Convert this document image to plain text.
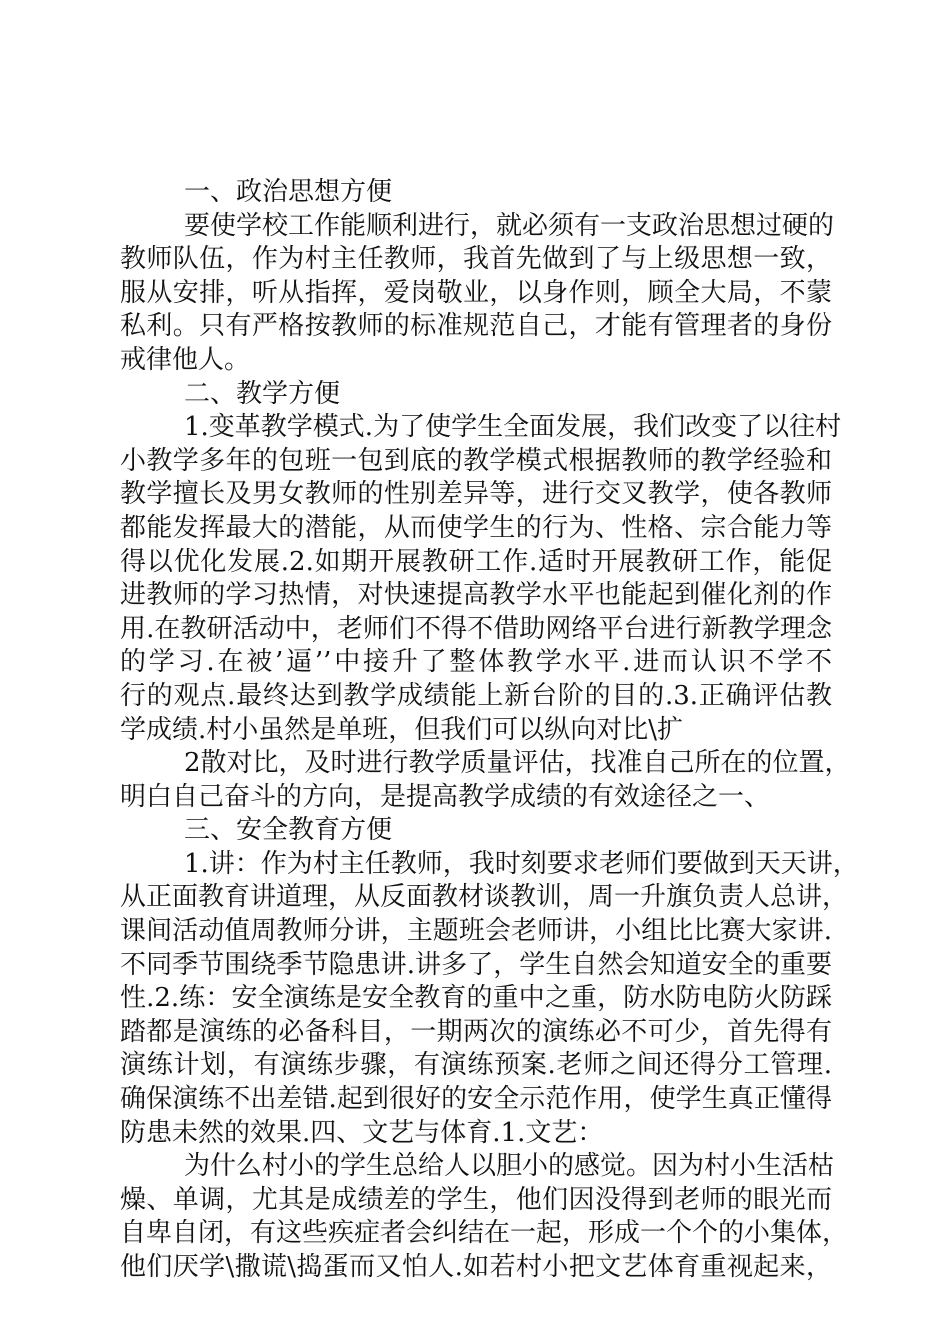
一、政治思想方便
要使学校工作能顺利进行，就必须有一支政治思想过硬的
教师队伍，作为村主任教师，我首先做到了与上级思想一致，
服从安排，听从指挥，爱岗敬业，以身作则，顾全大局，不蒙
私利。只有严格按教师的标准规范自己，才能有管理者的身份
戒律他人。
二、教学方便
1.变革教学模式.为了使学生全面发展，我们改变了以往村
小教学多年的包班一包到底的教学模式根据教师的教学经验和
教学擅长及男女教师的性别差异等，进行交叉教学，使各教师
都能发挥最大的潜能，从而使学生的行为、性格、宗合能力等
得以优化发展.2.如期开展教研工作.适时开展教研工作，能促
进教师的学习热情，对快速提高教学水平也能起到催化剂的作
用.在教研活动中，老师们不得不借助网络平台进行新教学理念
的学习.在被’逼’’中接升了整体教学水平.进而认识不学不
行的观点.最终达到教学成绩能上新台阶的目的.3.正确评估教
学成绩.村小虽然是单班，但我们可以纵向对比\扩
2散对比，及时进行教学质量评估，找准自己所在的位置，
明白自己奋斗的方向，是提高教学成绩的有效途径之一、
三、安全教育方便
1.讲：作为村主任教师，我时刻要求老师们要做到天天讲，
从正面教育讲道理，从反面教材谈教训，周一升旗负责人总讲，
课间活动值周教师分讲，主题班会老师讲，小组比比赛大家讲.
不同季节围绕季节隐患讲.讲多了，学生自然会知道安全的重要
性.2.练：安全演练是安全教育的重中之重，防水防电防火防踩
踏都是演练的必备科目，一期两次的演练必不可少，首先得有
演练计划，有演练步骤，有演练预案.老师之间还得分工管理.
确保演练不出差错.起到很好的安全示范作用，使学生真正懂得
防患未然的效果.四、文艺与体育.1.文艺：
为什么村小的学生总给人以胆小的感觉。因为村小生活枯
燥、单调，尤其是成绩差的学生，他们因没得到老师的眼光而
自卑自闭，有这些疾症者会纠结在一起，形成一个个的小集体，
他们厌学\撒谎\捣蛋而又怕人.如若村小把文艺体育重视起来，
